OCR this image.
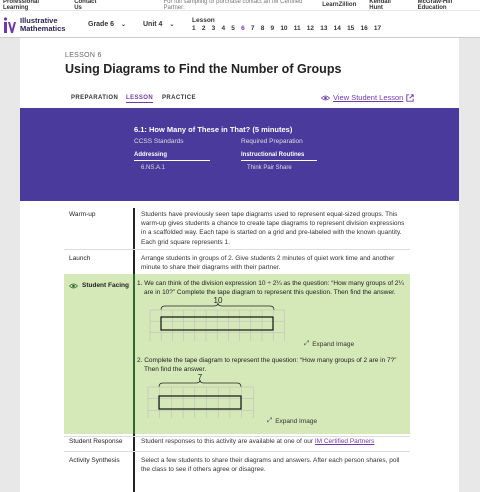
Professional Learning
Contact Us
For full sampling or purchase contact an IM Certified Partner:	LearnZillion Kendall Hunt
McGraw-Hill Education
Illustrative
Mathematics	Grade 6 ⌄ Unit 4 ⌄
Lesson
1 2 3 4 5 6 7 8 9 10 11 12 13 14 15 16 17
LESSON 6
Using Diagrams to Find the Number of Groups
PREPARATION LESSON PRACTICE	View Student Lesson
6.1: How Many of These in That? (5 minutes)
CCSS Standards	Required Preparation
Addressing	Instructional Routines
6.NS.A.1	Think Pair Share
Warm-up	Students have previously seen tape diagrams used to represent equal-sized groups. This
warm-up gives students a chance to create tape diagrams to represent division expressions
in a scaffolded way. Each tape is started on a grid and pre-labeled with the known quantity.
Each grid square represents 1.
Launch	Arrange students in groups of 2. Give students 2 minutes of quiet work time and another
minute to share their diagrams with their partner.
Student Facing 1. We can think of the division expression 10 ÷ 2¼ as the question: “How many groups of 2¼
are in 10?” Complete the tape diagram to represent this question. Then find the answer.
10
⤢ Expand Image
2. Complete the tape diagram to represent the question: “How many groups of 2 are in 7?”
Then find the answer.
7
⤢ Expand Image
Student Response	Student responses to this activity are available at one of our IM Certified Partners
Activity Synthesis	Select a few students to share their diagrams and answers. After each person shares, poll
the class to see if others agree or disagree.
